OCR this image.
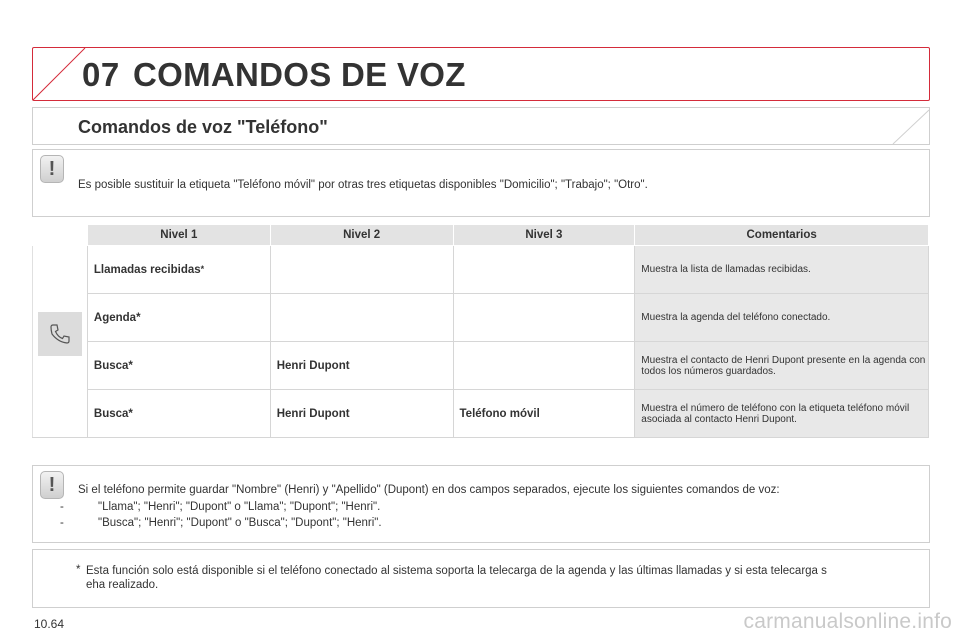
07 COMANDOS DE VOZ
Comandos de voz "Teléfono"
!
Es posible sustituir la etiqueta "Teléfono móvil" por otras tres etiquetas disponibles "Domicilio"; "Trabajo"; "Otro".
	Nivel 1	Nivel 2	Nivel 3	Comentarios

	Llamadas recibidas*			Muestra la lista de llamadas recibidas.
	Agenda*			Muestra la agenda del teléfono conectado.
	Busca*	Henri Dupont		Muestra el contacto de Henri Dupont presente en la agenda con todos los números guardados.
	Busca*	Henri Dupont	Teléfono móvil	Muestra el número de teléfono con la etiqueta teléfono móvil asociada al contacto Henri Dupont.
!	Si el teléfono permite guardar "Nombre" (Henri) y "Apellido" (Dupont) en dos campos separados, ejecute los siguientes comandos de voz:
-	"Llama"; "Henri"; "Dupont" o "Llama"; "Dupont"; "Henri".
-	"Busca"; "Henri"; "Dupont" o "Busca"; "Dupont"; "Henri".
* Esta función solo está disponible si el teléfono conectado al sistema soporta la telecarga de la agenda y las últimas llamadas y si esta telecarga s
eha realizado.
10.64	carmanualsonline.info
